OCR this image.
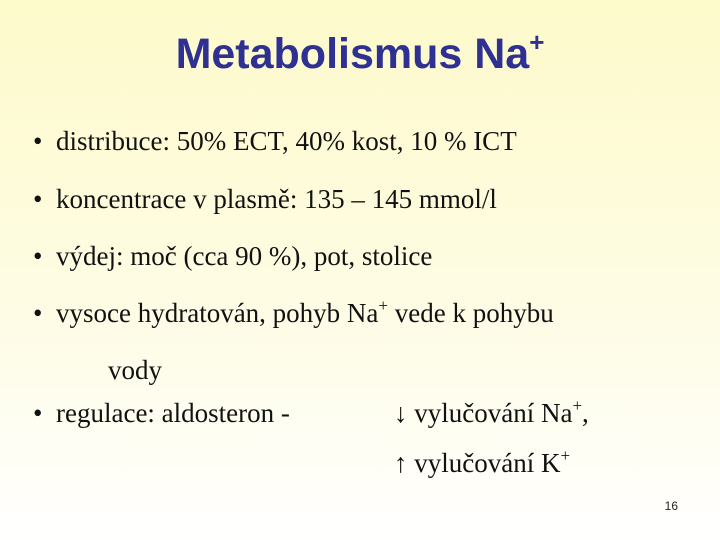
Metabolismus Na+
• distribuce: 50% ECT, 40% kost, 10 % ICT
• koncentrace v plasmě: 135 – 145 mmol/l
• výdej: moč (cca 90 %), pot, stolice
• vysoce hydratován, pohyb Na+ vede k pohybu
vody
• regulace: aldosteron -	↓ vylučování Na+,
↑ vylučování K+
16
